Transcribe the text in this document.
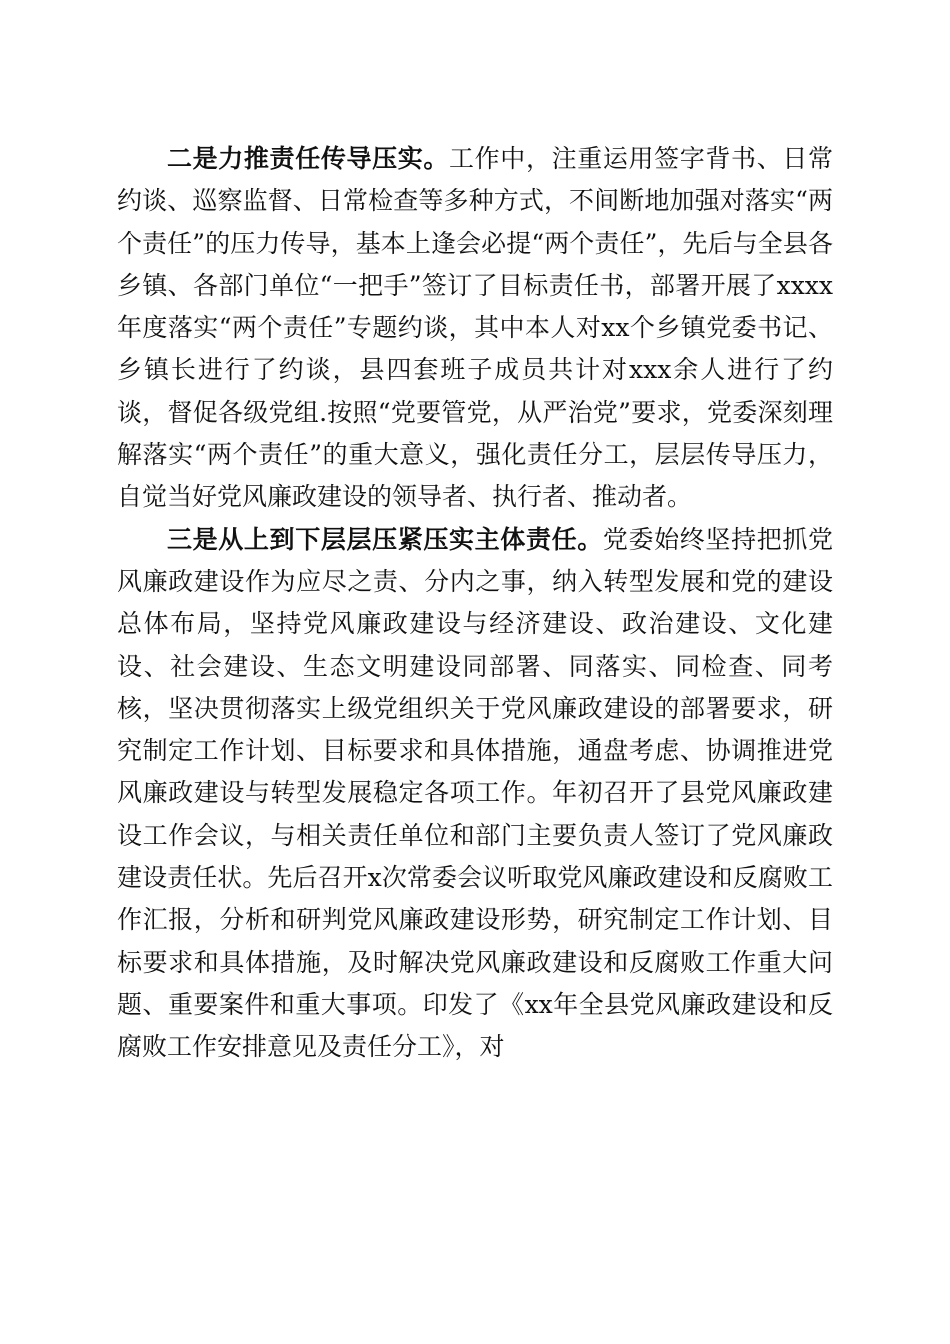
二是力推责任传导压实。工作中，注重运用签字背书、日常约谈、巡察监督、日常检查等多种方式，不间断地加强对落实“两个责任”的压力传导，基本上逢会必提“两个责任”，先后与全县各乡镇、各部门单位“一把手”签订了目标责任书，部署开展了xxxx年度落实“两个责任”专题约谈，其中本人对xx个乡镇党委书记、乡镇长进行了约谈，县四套班子成员共计对xxx余人进行了约谈，督促各级党组.按照“党要管党，从严治党”要求，党委深刻理解落实“两个责任”的重大意义，强化责任分工，层层传导压力，自觉当好党风廉政建设的领导者、执行者、推动者。

三是从上到下层层压紧压实主体责任。党委始终坚持把抓党风廉政建设作为应尽之责、分内之事，纳入转型发展和党的建设总体布局，坚持党风廉政建设与经济建设、政治建设、文化建设、社会建设、生态文明建设同部署、同落实、同检查、同考核，坚决贯彻落实上级党组织关于党风廉政建设的部署要求，研究制定工作计划、目标要求和具体措施，通盘考虑、协调推进党风廉政建设与转型发展稳定各项工作。年初召开了县党风廉政建设工作会议，与相关责任单位和部门主要负责人签订了党风廉政建设责任状。先后召开x次常委会议听取党风廉政建设和反腐败工作汇报，分析和研判党风廉政建设形势，研究制定工作计划、目标要求和具体措施，及时解决党风廉政建设和反腐败工作重大问题、重要案件和重大事项。印发了《xx年全县党风廉政建设和反腐败工作安排意见及责任分工》，对
